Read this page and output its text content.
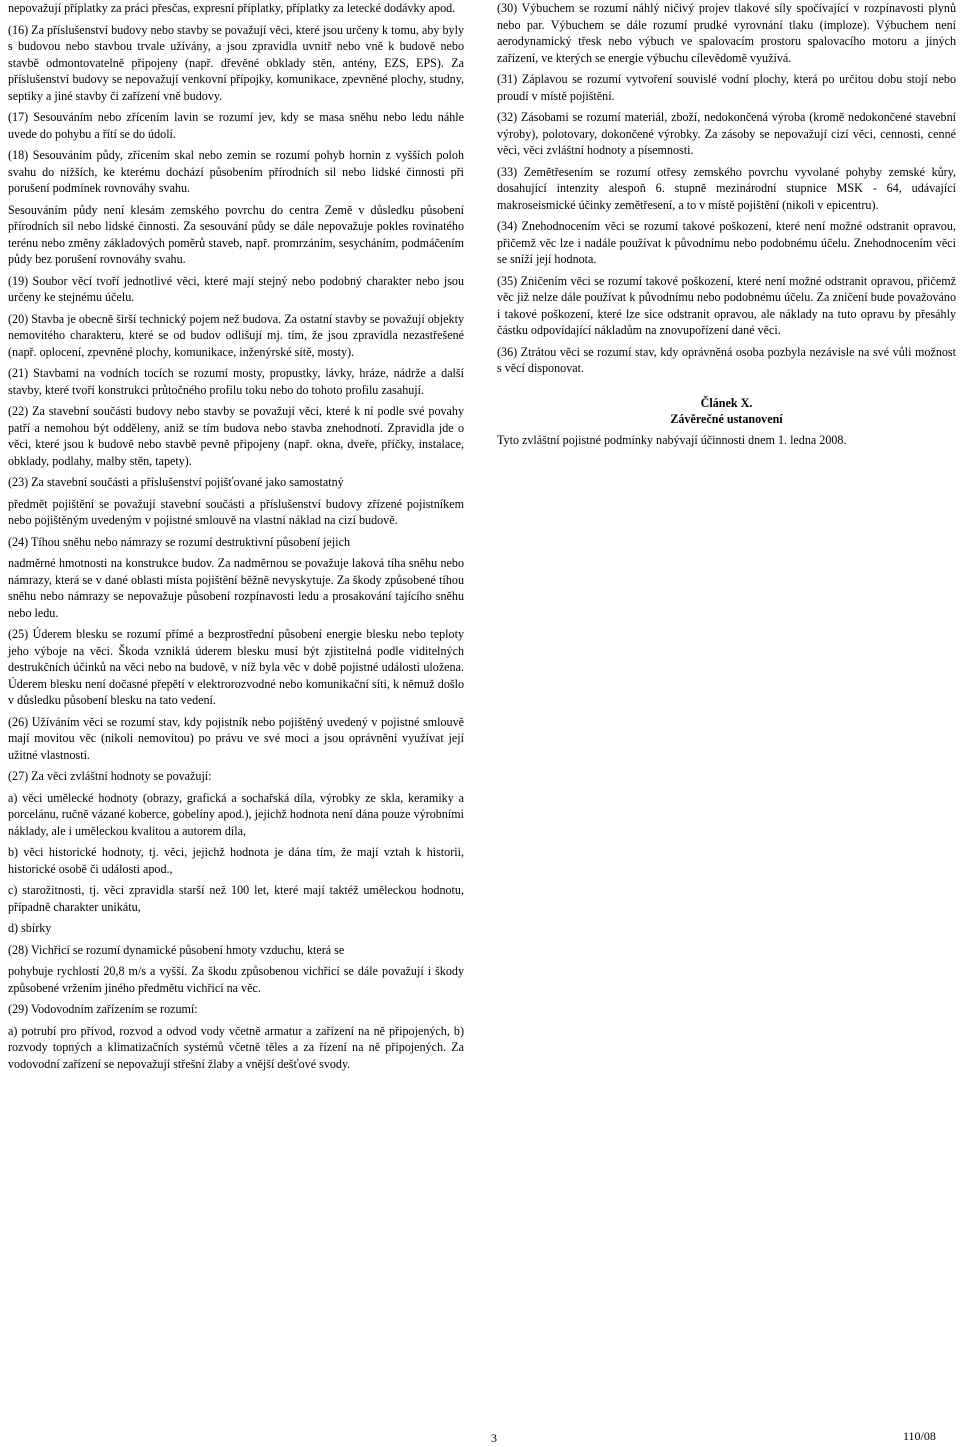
nepovažují příplatky za práci přesčas, expresní příplatky, příplatky za letecké dodávky apod.

(16) Za příslušenství budovy nebo stavby se považují věci, které jsou určeny k tomu, aby byly s budovou nebo stavbou trvale užívány, a jsou zpravidla uvnitř nebo vně k budově nebo stavbě odmontovatelně připojeny (např. dřevěné obklady stěn, antény, EZS, EPS). Za příslušenství budovy se nepovažují venkovní přípojky, komunikace, zpevněné plochy, studny, septiky a jiné stavby či zařízení vně budovy.

(17) Sesouváním nebo zřícením lavin se rozumí jev, kdy se masa sněhu nebo ledu náhle uvede do pohybu a řítí se do údolí.

(18) Sesouváním půdy, zřícením skal nebo zemin se rozumí pohyb hornin z vyšších poloh svahu do nižších, ke kterému dochází působením přírodních sil nebo lidské činnosti při porušení podmínek rovnováhy svahu.

Sesouváním půdy není klesám zemského povrchu do centra Země v důsledku působení přírodních sil nebo lidské činnosti. Za sesouvání půdy se dále nepovažuje pokles rovinatého terénu nebo změny základových poměrů staveb, např. promrzáním, sesycháním, podmáčením půdy bez porušení rovnováhy svahu.

(19) Soubor věcí tvoří jednotlivé věci, které mají stejný nebo podobný charakter nebo jsou určeny ke stejnému účelu.

(20) Stavba je obecně širší technický pojem než budova. Za ostatní stavby se považují objekty nemovitého charakteru, které se od budov odlišují mj. tím, že jsou zpravidla nezastřešené (např. oplocení, zpevněné plochy, komunikace, inženýrské sítě, mosty).

(21) Stavbami na vodních tocích se rozumí mosty, propustky, lávky, hráze, nádrže a další stavby, které tvoří konstrukci průtočného profilu toku nebo do tohoto profilu zasahují.

(22) Za stavební součásti budovy nebo stavby se považují věci, které k ní podle své povahy patří a nemohou být odděleny, aniž se tím budova nebo stavba znehodnotí. Zpravidla jde o věci, které jsou k budově nebo stavbě pevně připojeny (např. okna, dveře, příčky, instalace, obklady, podlahy, malby stěn, tapety).

(23) Za stavební součásti a příslušenství pojišťované jako samostatný

předmět pojištění se považují stavební součásti a příslušenství budovy zřízené pojistníkem nebo pojištěným uvedeným v pojistné smlouvě na vlastní náklad na cizí budově.

(24) Tíhou sněhu nebo námrazy se rozumí destruktivní působení jejich

nadměrné hmotnosti na konstrukce budov. Za nadměrnou se považuje laková tíha sněhu nebo námrazy, která se v dané oblasti místa pojištění běžně nevyskytuje. Za škody způsobené tíhou sněhu nebo námrazy se nepovažuje působení rozpínavosti ledu a prosakování tajícího sněhu nebo ledu.

(25) Úderem blesku se rozumí přímé a bezprostřední působení energie blesku nebo teploty jeho výboje na věci. Škoda vzniklá úderem blesku musí být zjistitelná podle viditelných destrukčních účinků na věci nebo na budově, v níž byla věc v době pojistné události uložena. Úderem blesku není dočasné přepětí v elektrorozvodné nebo komunikační síti, k němuž došlo v důsledku působení blesku na tato vedení.

(26) Užíváním věci se rozumí stav, kdy pojistník nebo pojištěný uvedený v pojistné smlouvě mají movitou věc (nikoli nemovitou) po právu ve své moci a jsou oprávněni využívat její užitné vlastnosti.

(27) Za věci zvláštní hodnoty se považují:

a) věci umělecké hodnoty (obrazy, grafická a sochařská díla, výrobky ze skla, keramiky a porcelánu, ručně vázané koberce, gobelíny apod.), jejichž hodnota není dána pouze výrobními náklady, ale i uměleckou kvalitou a autorem díla,

b) věci historické hodnoty, tj. věci, jejichž hodnota je dána tím, že mají vztah k historii, historické osobě či události apod.,

c) starožitnosti, tj. věci zpravidla starší než 100 let, které mají taktéž uměleckou hodnotu, případně charakter unikátu,

d) sbírky

(28) Vichřicí se rozumí dynamické působení hmoty vzduchu, která se

pohybuje rychlostí 20,8 m/s a vyšší. Za škodu způsobenou vichřicí se dále považují i škody způsobené vržením jiného předmětu vichřicí na věc.

(29) Vodovodním zařízením se rozumí:

a) potrubí pro přívod, rozvod a odvod vody včetně armatur a zařízení na ně připojených, b) rozvody topných a klimatizačních systémů včetně těles a za řízení na ně připojených. Za vodovodní zařízení se nepovažují střešní žlaby a vnější dešťové svody.

(30) Výbuchem se rozumí náhlý ničivý projev tlakové síly spočívající v rozpínavosti plynů nebo par. Výbuchem se dále rozumí prudké vyrovnání tlaku (imploze). Výbuchem není aerodynamický třesk nebo výbuch ve spalovacím prostoru spalovacího motoru a jiných zařízení, ve kterých se energie výbuchu cílevědomě využívá.

(31) Záplavou se rozumí vytvoření souvislé vodní plochy, která po určitou dobu stojí nebo proudí v místě pojištění.

(32) Zásobami se rozumí materiál, zboží, nedokončená výroba (kromě nedokončené stavební výroby), polotovary, dokončené výrobky. Za zásoby se nepovažují cizí věci, cennosti, cenné věci, věci zvláštní hodnoty a písemnosti.

(33) Zemětřesením se rozumí otřesy zemského povrchu vyvolané pohyby zemské kůry, dosahující intenzity alespoň 6. stupně mezinárodní stupnice MSK - 64, udávající makroseismické účinky zemětřesení, a to v místě pojištění (nikoli v epicentru).

(34) Znehodnocením věci se rozumí takové poškození, které není možné odstranit opravou, přičemž věc lze i nadále používat k původnímu nebo podobnému účelu. Znehodnocením věci se sníží její hodnota.

(35) Zničením věci se rozumí takové poškození, které není možné odstranit opravou, přičemž věc již nelze dále používat k původnímu nebo podobnému účelu. Za zničení bude považováno i takové poškození, které lze sice odstranit opravou, ale náklady na tuto opravu by přesáhly částku odpovídající nákladům na znovupořízení dané věci.

(36) Ztrátou věci se rozumí stav, kdy oprávněná osoba pozbyla nezávisle na své vůli možnost s věcí disponovat.

Článek X.
Závěrečné ustanovení

Tyto zvláštní pojistné podmínky nabývají účinnosti dnem 1. ledna 2008.

3	110/08
